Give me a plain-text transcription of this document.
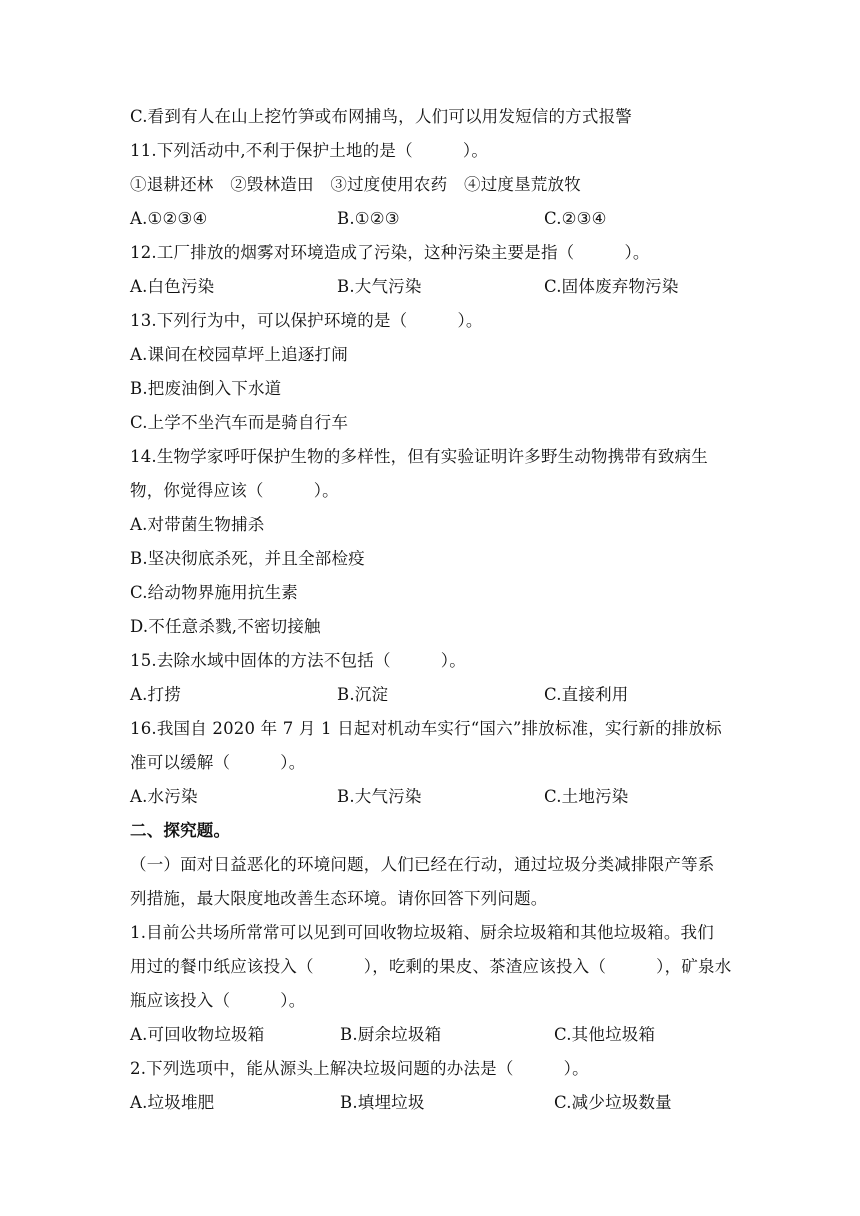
C.看到有人在山上挖竹笋或布网捕鸟，人们可以用发短信的方式报警
11.下列活动中,不利于保护土地的是（　　　）。
①退耕还林　②毁林造田　③过度使用农药　④过度垦荒放牧
A.①②③④	B.①②③	C.②③④
12.工厂排放的烟雾对环境造成了污染，这种污染主要是指（　　　）。
A.白色污染	B.大气污染	C.固体废弃物污染
13.下列行为中，可以保护环境的是（　　　）。
A.课间在校园草坪上追逐打闹
B.把废油倒入下水道
C.上学不坐汽车而是骑自行车
14.生物学家呼吁保护生物的多样性，但有实验证明许多野生动物携带有致病生
物，你觉得应该（　　　）。
A.对带菌生物捕杀
B.坚决彻底杀死，并且全部检疫
C.给动物界施用抗生素
D.不任意杀戮,不密切接触
15.去除水域中固体的方法不包括（　　　）。
A.打捞	B.沉淀	C.直接利用
16.我国自 2020 年 7 月 1 日起对机动车实行“国六”排放标准，实行新的排放标
准可以缓解（　　　）。
A.水污染	B.大气污染	C.土地污染
二、探究题。
（一）面对日益恶化的环境问题，人们已经在行动，通过垃圾分类减排限产等系
列措施，最大限度地改善生态环境。请你回答下列问题。
1.目前公共场所常常可以见到可回收物垃圾箱、厨余垃圾箱和其他垃圾箱。我们
用过的餐巾纸应该投入（　　　），吃剩的果皮、茶渣应该投入（　　　），矿泉水
瓶应该投入（　　　）。
A.可回收物垃圾箱	B.厨余垃圾箱	C.其他垃圾箱
2.下列选项中，能从源头上解决垃圾问题的办法是（　　　）。
A.垃圾堆肥	B.填埋垃圾	C.减少垃圾数量
